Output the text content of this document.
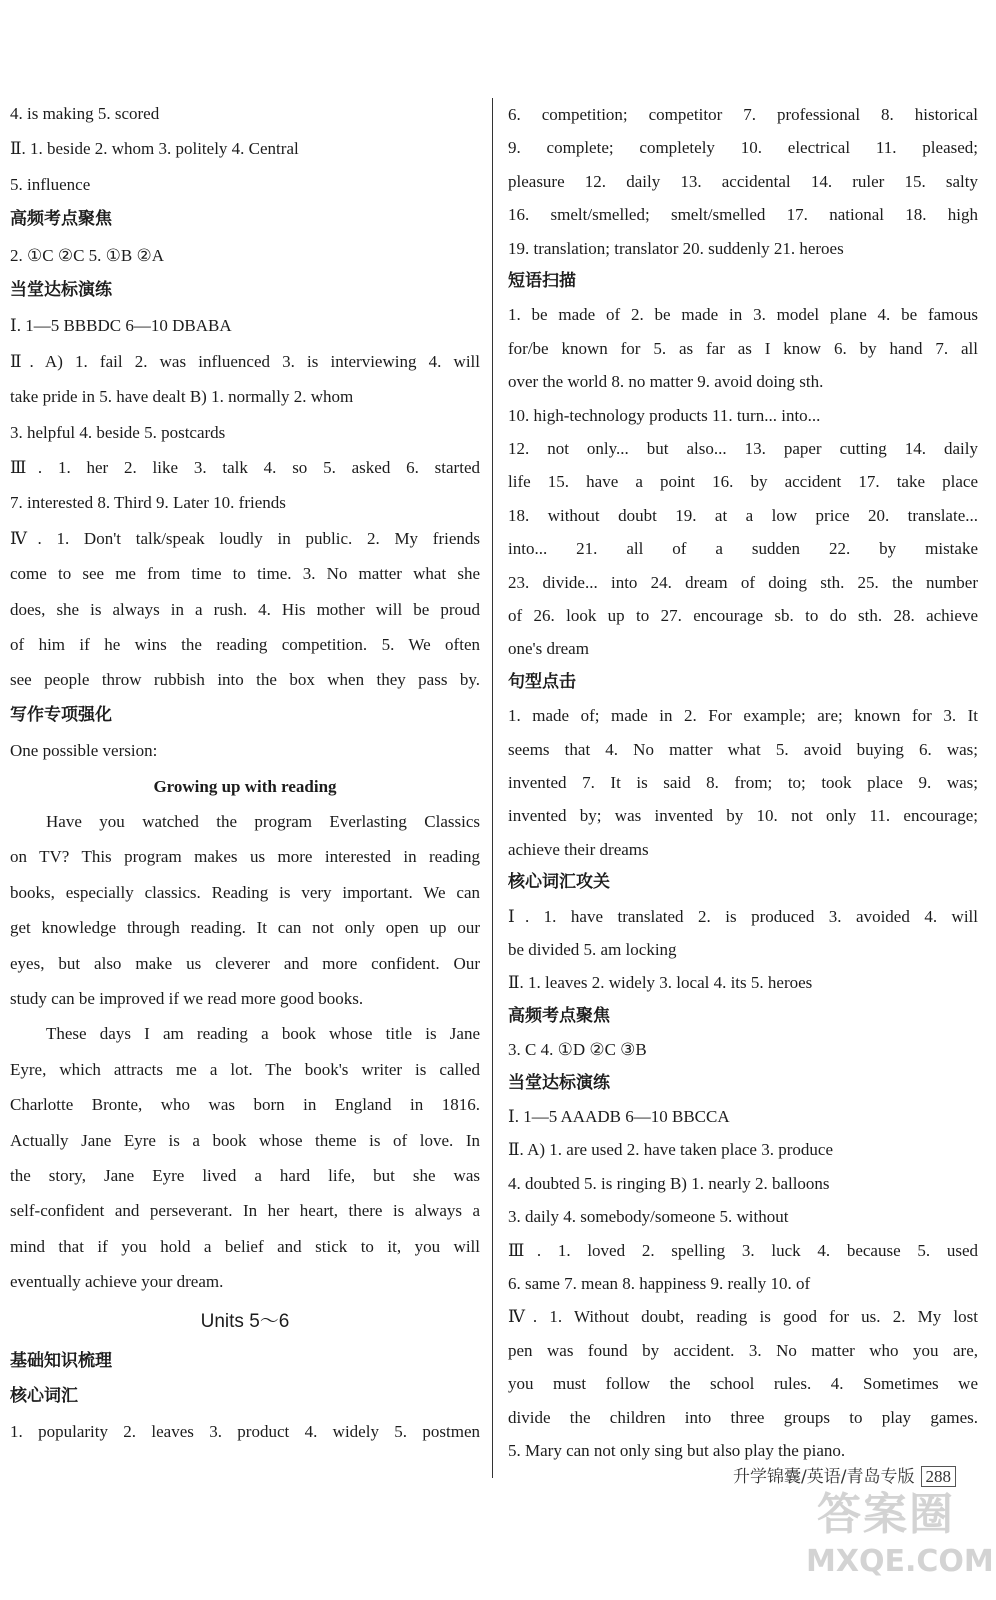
4. is making 5. scored
Ⅱ. 1. beside 2. whom 3. politely 4. Central
5. influence
高频考点聚焦
2. ①C ②C 5. ①B ②A
当堂达标演练
Ⅰ. 1—5 BBBDC 6—10 DBABA
Ⅱ. A) 1. fail 2. was influenced 3. is interviewing 4. will
take pride in 5. have dealt B) 1. normally 2. whom
3. helpful 4. beside 5. postcards
Ⅲ. 1. her 2. like 3. talk 4. so 5. asked 6. started
7. interested 8. Third 9. Later 10. friends
Ⅳ. 1. Don't talk/speak loudly in public. 2. My friends
come to see me from time to time. 3. No matter what she
does, she is always in a rush. 4. His mother will be proud
of him if he wins the reading competition. 5. We often
see people throw rubbish into the box when they pass by.
写作专项强化
One possible version:
Growing up with reading
Have you watched the program Everlasting Classics
on TV? This program makes us more interested in reading
books, especially classics. Reading is very important. We can
get knowledge through reading. It can not only open up our
eyes, but also make us cleverer and more confident. Our
study can be improved if we read more good books.
These days I am reading a book whose title is Jane
Eyre, which attracts me a lot. The book's writer is called
Charlotte Bronte, who was born in England in 1816.
Actually Jane Eyre is a book whose theme is of love. In
the story, Jane Eyre lived a hard life, but she was
self-confident and perseverant. In her heart, there is always a
mind that if you hold a belief and stick to it, you will
eventually achieve your dream.
Units 5～6
基础知识梳理
核心词汇
1. popularity 2. leaves 3. product 4. widely 5. postmen
6. competition; competitor 7. professional 8. historical
9. complete; completely 10. electrical 11. pleased;
pleasure 12. daily 13. accidental 14. ruler 15. salty
16. smelt/smelled; smelt/smelled 17. national 18. high
19. translation; translator 20. suddenly 21. heroes
短语扫描
1. be made of 2. be made in 3. model plane 4. be famous
for/be known for 5. as far as I know 6. by hand 7. all
over the world 8. no matter 9. avoid doing sth.
10. high-technology products 11. turn... into...
12. not only... but also... 13. paper cutting 14. daily
life 15. have a point 16. by accident 17. take place
18. without doubt 19. at a low price 20. translate...
into... 21. all of a sudden 22. by mistake
23. divide... into 24. dream of doing sth. 25. the number
of 26. look up to 27. encourage sb. to do sth. 28. achieve
one's dream
句型点击
1. made of; made in 2. For example; are; known for 3. It
seems that 4. No matter what 5. avoid buying 6. was;
invented 7. It is said 8. from; to; took place 9. was;
invented by; was invented by 10. not only 11. encourage;
achieve their dreams
核心词汇攻关
Ⅰ. 1. have translated 2. is produced 3. avoided 4. will
be divided 5. am locking
Ⅱ. 1. leaves 2. widely 3. local 4. its 5. heroes
高频考点聚焦
3. C 4. ①D ②C ③B
当堂达标演练
Ⅰ. 1—5 AAADB 6—10 BBCCA
Ⅱ. A) 1. are used 2. have taken place 3. produce
4. doubted 5. is ringing B) 1. nearly 2. balloons
3. daily 4. somebody/someone 5. without
Ⅲ. 1. loved 2. spelling 3. luck 4. because 5. used
6. same 7. mean 8. happiness 9. really 10. of
Ⅳ. 1. Without doubt, reading is good for us. 2. My lost
pen was found by accident. 3. No matter who you are,
you must follow the school rules. 4. Sometimes we
divide the children into three groups to play games.
5. Mary can not only sing but also play the piano.
升学锦囊/英语/青岛专版 288
答案圈
MXQE.COM
